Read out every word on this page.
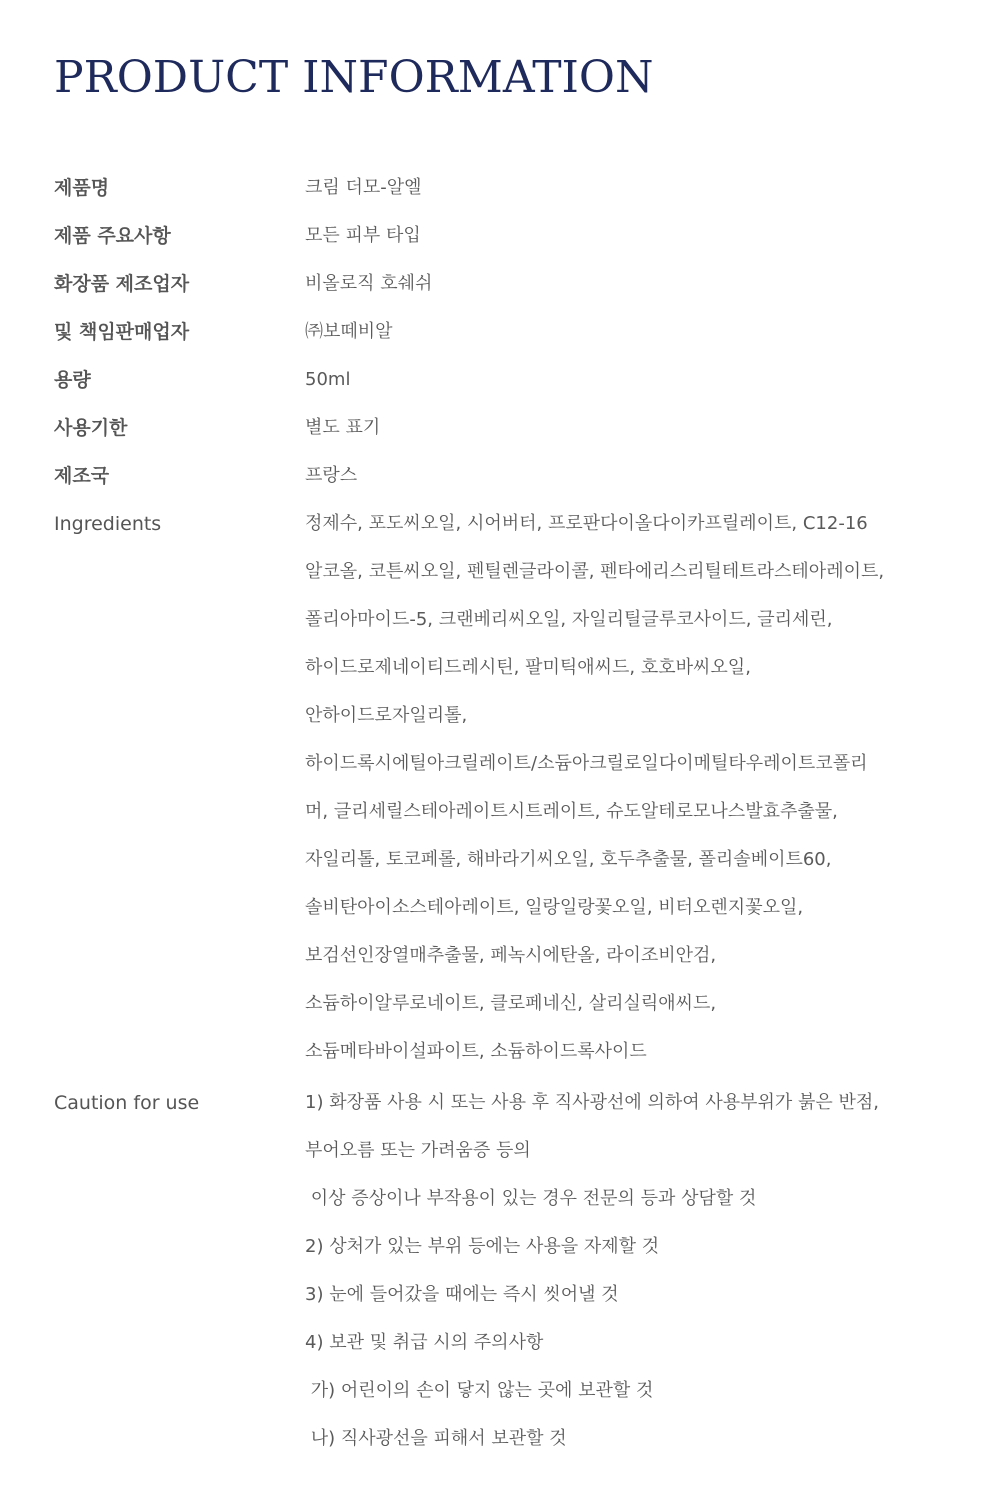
PRODUCT INFORMATION
제품명	크림 더모-알엘
제품 주요사항	모든 피부 타입
화장품 제조업자	비올로직 호쉐쉬
및 책임판매업자	㈜보떼비알
용량	50ml
사용기한	별도 표기
제조국	프랑스
Ingredients	정제수, 포도씨오일, 시어버터, 프로판다이올다이카프릴레이트, C12-16
알코올, 코튼씨오일, 펜틸렌글라이콜, 펜타에리스리틸테트라스테아레이트,
폴리아마이드-5, 크랜베리씨오일, 자일리틸글루코사이드, 글리세린,
하이드로제네이티드레시틴, 팔미틱애씨드, 호호바씨오일,
안하이드로자일리톨,
하이드록시에틸아크릴레이트/소듐아크릴로일다이메틸타우레이트코폴리
머, 글리세릴스테아레이트시트레이트, 슈도알테로모나스발효추출물,
자일리톨, 토코페롤, 해바라기씨오일, 호두추출물, 폴리솔베이트60,
솔비탄아이소스테아레이트, 일랑일랑꽃오일, 비터오렌지꽃오일,
보검선인장열매추출물, 페녹시에탄올, 라이조비안검,
소듐하이알루로네이트, 클로페네신, 살리실릭애씨드,
소듐메타바이설파이트, 소듐하이드록사이드
Caution for use	1) 화장품 사용 시 또는 사용 후 직사광선에 의하여 사용부위가 붉은 반점,
부어오름 또는 가려움증 등의
이상 증상이나 부작용이 있는 경우 전문의 등과 상담할 것
2) 상처가 있는 부위 등에는 사용을 자제할 것
3) 눈에 들어갔을 때에는 즉시 씻어낼 것
4) 보관 및 취급 시의 주의사항
가) 어린이의 손이 닿지 않는 곳에 보관할 것
나) 직사광선을 피해서 보관할 것
